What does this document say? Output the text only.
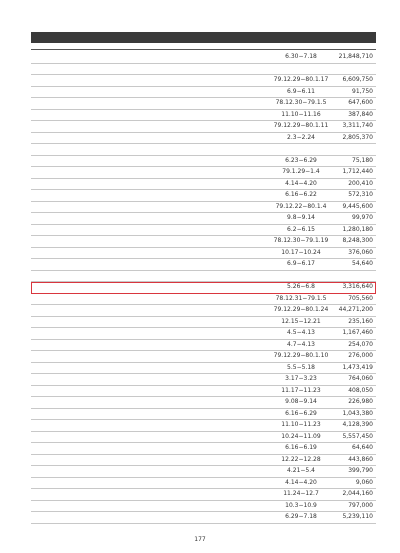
6.30−7.18	21,848,710
79.12.29−80.1.17	6,609,750
6.9−6.11	91,750
78.12.30−79.1.5	647,600
11.10−11.16	387,840
79.12.29−80.1.11	3,311,740
2.3−2.24	2,805,370
6.23−6.29	75,180
79.1.29−1.4	1,712,440
4.14−4.20	200,410
6.16−6.22	572,310
79.12.22−80.1.4	9,445,600
9.8−9.14	99,970
6.2−6.15	1,280,180
78.12.30−79.1.19	8,248,300
10.17−10.24	376,060
6.9−6.17	54,640
5.26−6.8	3,316,640
78.12.31−79.1.5	705,560
79.12.29−80.1.24	44,271,200
12.15−12.21	235,160
4.5−4.13	1,167,460
4.7−4.13	254,070
79.12.29−80.1.10	276,000
5.5−5.18	1,473,419
3.17−3.23	764,060
11.17−11.23	408,050
9.08−9.14	226,980
6.16−6.29	1,043,380
11.10−11.23	4,128,390
10.24−11.09	5,557,450
6.16−6.19	64,640
12.22−12.28	443,860
4.21−5.4	399,790
4.14−4.20	9,060
11.24−12.7	2,044,160
10.3−10.9	797,000
6.29−7.18	5,239,110
177
